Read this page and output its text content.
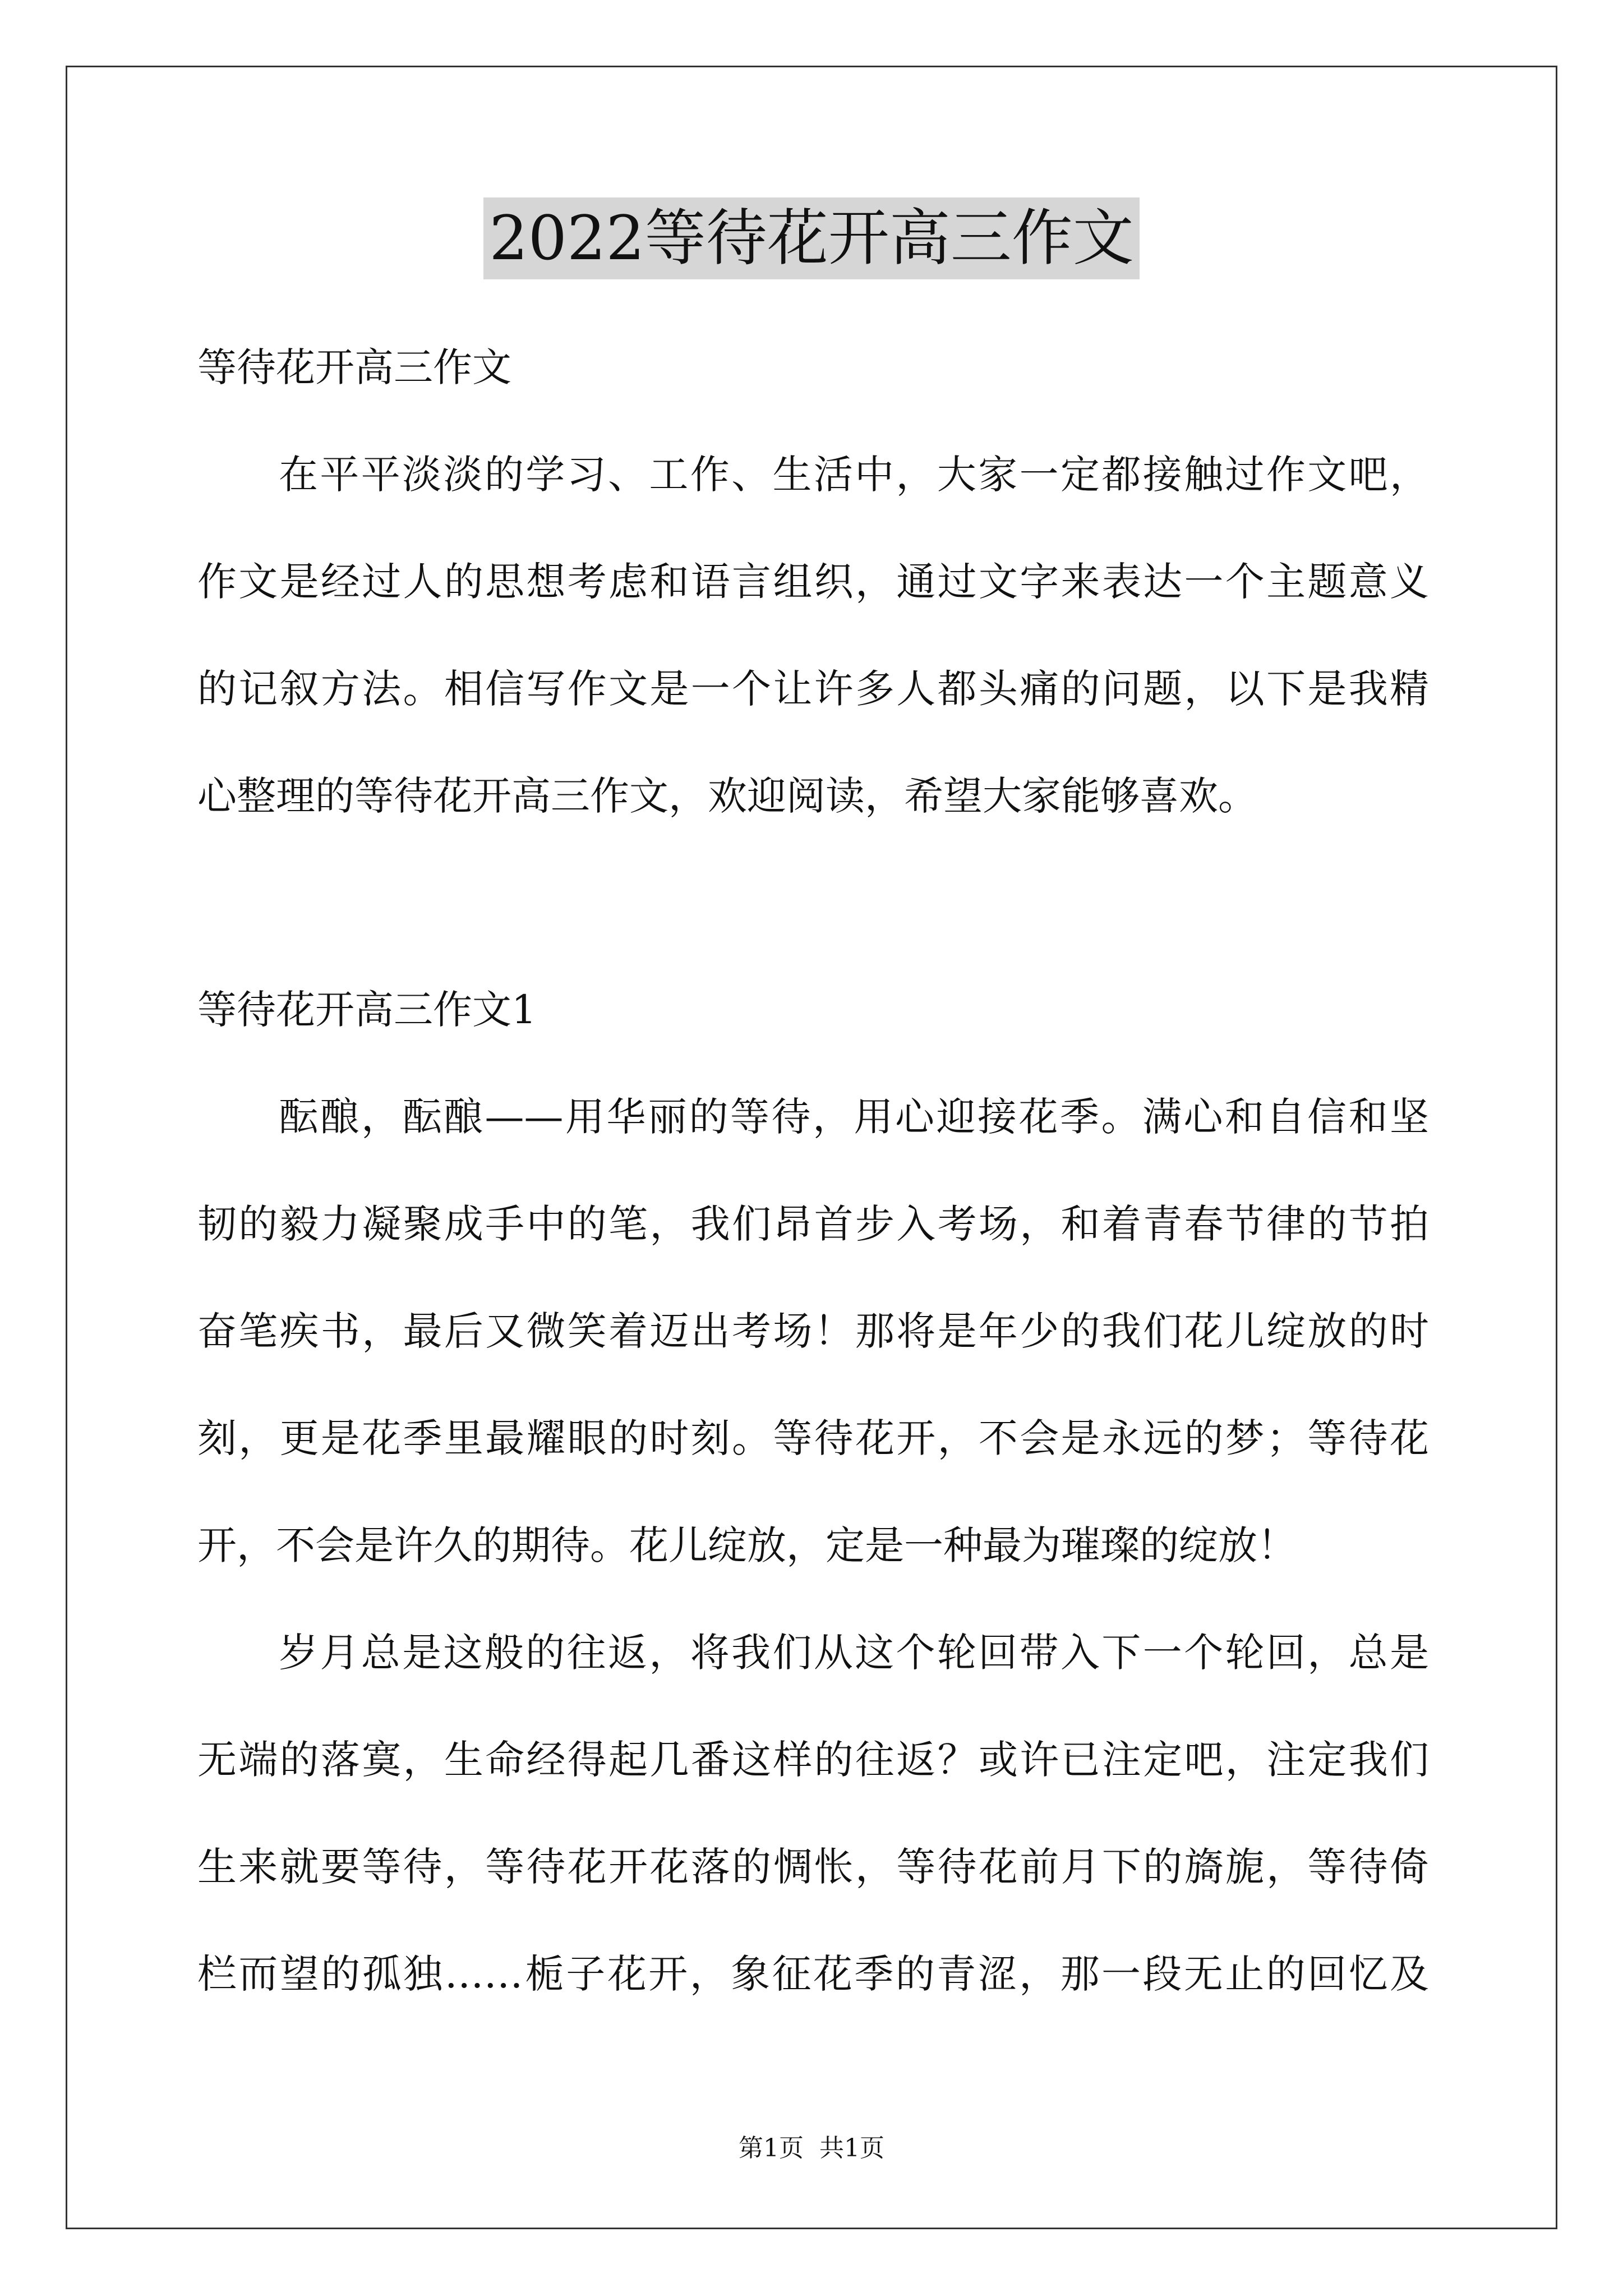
2022等待花开高三作文
等待花开高三作文
在平平淡淡的学习、工作、生活中，大家一定都接触过作文吧，
作文是经过人的思想考虑和语言组织，通过文字来表达一个主题意义
的记叙方法。相信写作文是一个让许多人都头痛的问题，以下是我精
心整理的等待花开高三作文，欢迎阅读，希望大家能够喜欢。
等待花开高三作文1
酝酿，酝酿——用华丽的等待，用心迎接花季。满心和自信和坚
韧的毅力凝聚成手中的笔，我们昂首步入考场，和着青春节律的节拍
奋笔疾书，最后又微笑着迈出考场！那将是年少的我们花儿绽放的时
刻，更是花季里最耀眼的时刻。等待花开，不会是永远的梦；等待花
开，不会是许久的期待。花儿绽放，定是一种最为璀璨的绽放！
岁月总是这般的往返，将我们从这个轮回带入下一个轮回，总是
无端的落寞，生命经得起几番这样的往返？或许已注定吧，注定我们
生来就要等待，等待花开花落的惆怅，等待花前月下的旖旎，等待倚
栏而望的孤独……栀子花开，象征花季的青涩，那一段无止的回忆及
第1页  共1页
